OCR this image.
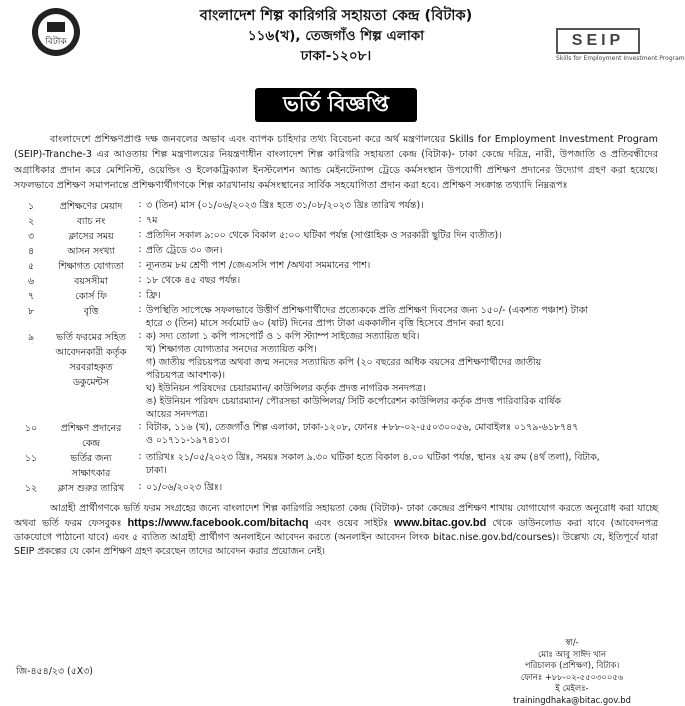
বিটাক
বাংলাদেশ শিল্প কারিগরি সহায়তা কেন্দ্র (বিটাক)
১১৬(খ), তেজগাঁও শিল্প এলাকা
ঢাকা-১২০৮।
SEIP
Skills for Employment Investment Program
ভর্তি বিজ্ঞপ্তি
বাংলাদেশে প্রশিক্ষণপ্রাপ্ত দক্ষ জনবলের অভাব এবং ব্যাপক চাহিদার তথ্য বিবেচনা করে অর্থ মন্ত্রণালয়ের Skills for Employment Investment Program (SEIP)-Tranche-3 এর আওতায় শিল্প মন্ত্রণালয়ের নিয়ন্ত্রণাধীন বাংলাদেশ শিল্প কারিগরি সহায়তা কেন্দ্র (বিটাক)- ঢাকা কেন্দ্রে দরিদ্র, নারী, উপজাতি ও প্রতিবন্ধীদের অগ্রাধিকার প্রদান করে মেশিনিস্ট, ওয়েল্ডিং ও ইলেকট্রিক্যাল ইনস্টলেশন অ্যান্ড মেইনটেন্যান্স ট্রেডে কর্মসংস্থান উপযোগী প্রশিক্ষণ প্রদানের উদ্যোগ গ্রহণ করা হয়েছে। সফলভাবে প্রশিক্ষণ সমাপনান্তে প্রশিক্ষণার্থীগণকে শিল্প কারখানায় কর্মসংস্থানের সার্বিক সহযোগিতা প্রদান করা হবে। প্রশিক্ষণ সংক্রান্ত তথ্যাদি নিম্নরূপঃ
১	প্রশিক্ষণের মেয়াদ	: ৩ (তিন) মাস (০১/০৬/২০২৩ খ্রিঃ হতে ৩১/০৮/২০২৩ খ্রিঃ তারিখ পর্যন্ত)।
২	ব্যাচ নং	: ৭ম
৩	ক্লাসের সময়	: প্রতিদিন সকাল ৯:০০ থেকে বিকাল ৫:০০ ঘটিকা পর্যন্ত (সাপ্তাহিক ও সরকারী ছুটির দিন ব্যতীত)।
৪	আসন সংখ্যা	: প্রতি ট্রেডে ৩০ জন।
৫	শিক্ষাগত যোগ্যতা	: ন্যূনতম ৮ম শ্রেণী পাশ /জেএসসি পাশ /অথবা সমমানের পাশ।
৬	বয়সসীমা	: ১৮ থেকে ৪৫ বছর পর্যন্ত।
৭	কোর্স ফি	: ফ্রি।
৮	বৃত্তি	: উপস্থিতি সাপেক্ষে সফলভাবে উত্তীর্ণ প্রশিক্ষণার্থীদের প্রত্যেককে প্রতি প্রশিক্ষণ দিবসের জন্য ১৫০/- (একশত পঞ্চাশ) টাকা
হারে ৩ (তিন) মাসে সর্বমোট ৬০ (ষাট) দিনের প্রাপ্য টাকা এককালীন বৃত্তি হিসেবে প্রদান করা হবে।
৯	ভর্তি ফরমের সহিত
আবেদনকারী কর্তৃক
সরবরাহকৃত
ডকুমেন্টস
: ক) সদ্য তোলা ১ কপি পাসপোর্ট ও ১ কপি স্ট্যাম্প সাইজের সত্যায়িত ছবি।
খ) শিক্ষাগত যোগ্যতার সনদের সত্যায়িত কপি।
গ) জাতীয় পরিচয়পত্র অথবা জন্ম সনদের সত্যায়িত কপি (২০ বছরের অধিক বয়সের প্রশিক্ষণার্থীদের জাতীয়
পরিচয়পত্র আবশ্যক)।
ঘ) ইউনিয়ন পরিষদের চেয়ারম্যান/ কাউন্সিলর কর্তৃক প্রদত্ত নাগরিক সনদপত্র।
ঙ) ইউনিয়ন পরিষদ চেয়ারম্যান/ পৌরসভা কাউন্সিলর/ সিটি কর্পোরেশন কাউন্সিলর কর্তৃক প্রদত্ত পারিবারিক বার্ষিক
আয়ের সনদপত্র।
১০	প্রশিক্ষণ প্রদানের
কেন্দ্র
: বিটাক, ১১৬ (খ), তেজগাঁও শিল্প এলাকা, ঢাকা-১২০৮, ফোনঃ +৮৮-০২-৫৫০৩০০৫৬, মোবাইলঃ ০১৭৯-৬১৮৭৪৭
ও ০১৭১১-১৯৭৪১৩।
১১	ভর্তির জন্য
সাক্ষাৎকার
: তারিখঃ ২১/০৫/২০২৩ খ্রিঃ, সময়ঃ সকাল ৯.৩০ ঘটিকা হতে বিকাল ৪.০০ ঘটিকা পর্যন্ত, স্থানঃ ২য় রুম (৪র্থ তলা), বিটাক,
ঢাকা।
১২	ক্লাস শুরুর তারিখ	: ০১/০৬/২০২৩ খ্রিঃ।
আগ্রহী প্রার্থীগণকে ভর্তি ফরম সংগ্রহের জন্যে বাংলাদেশ শিল্প কারিগরি সহায়তা কেন্দ্র (বিটাক)- ঢাকা কেন্দ্রের প্রশিক্ষণ শাখায় যোগাযোগ করতে অনুরোধ করা যাচ্ছে অথবা ভর্তি ফরম ফেসবুকঃ https://www.facebook.com/bitachq এবং ওয়েব সাইটঃ www.bitac.gov.bd থেকে ডাউনলোড করা যাবে (আবেদনপত্র ডাকযোগে পাঠানো যাবে) এবং ৫ ব্যতিত আগ্রহী প্রার্থীগণ অনলাইনে আবেদন করতে (অনলাইন আবেদন লিংক bitac.nise.gov.bd/courses)। উল্লেখ্য যে, ইতিপূর্বে যারা SEIP প্রকল্পের যে কোন প্রশিক্ষণ গ্রহণ করেছেন তাদের আবেদন করার প্রয়োজন নেই।
স্বা/-
মোঃ আবু সাঈদ খান
পরিচালক (প্রশিক্ষণ), বিটাক।
ফোনঃ +৮৮-০২-৫৫০৩০০৫৬
ই মেইলঃ-trainingdhaka@bitac.gov.bd
জি-৪৫৪/২৩ (৫X৩)
